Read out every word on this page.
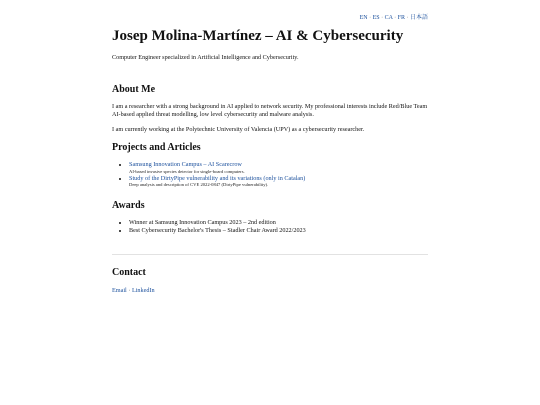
EN · ES · CA · FR · 日本語
Josep Molina-Martínez – AI & Cybersecurity
Computer Engineer specialized in Artificial Intelligence and Cybersecurity.
About Me

I am a researcher with a strong background in AI applied to network security. My professional interests include Red/Blue Team AI-based applied threat modelling, low level cybersecurity and malware analysis.

I am currently working at the Polytechnic University of Valencia (UPV) as a cybersecurity researcher.

Projects and Articles
• Samsung Innovation Campus – AI Scarecrow
AI-based invasive species detector for single-board computers.
• Study of the DirtyPipe vulnerability and its variations (only in Catalan)
Deep analysis and description of CVE 2022-0847 (DirtyPipe vulnerability).
Awards
• Winner at Samsung Innovation Campus 2023 – 2nd edition
• Best Cybersecurity Bachelor's Thesis – Stadler Chair Award 2022/2023
Contact
Email · LinkedIn
